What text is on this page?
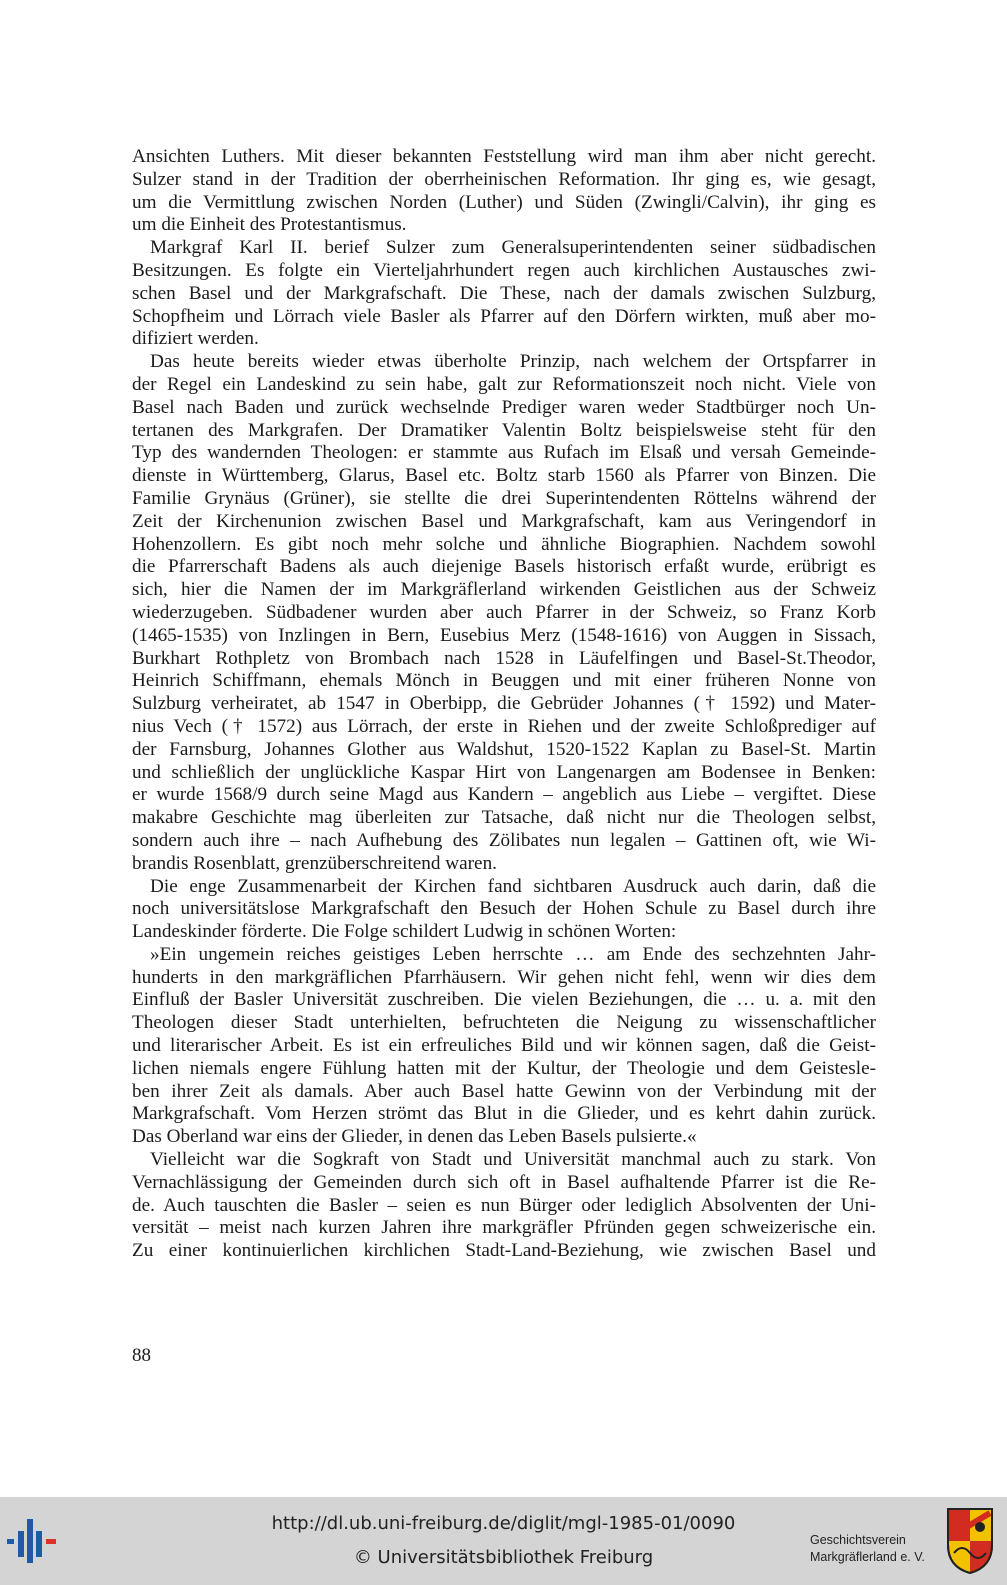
Ansichten Luthers. Mit dieser bekannten Feststellung wird man ihm aber nicht gerecht.
Sulzer stand in der Tradition der oberrheinischen Reformation. Ihr ging es, wie gesagt,
um die Vermittlung zwischen Norden (Luther) und Süden (Zwingli/Calvin), ihr ging es
um die Einheit des Protestantismus.
Markgraf Karl II. berief Sulzer zum Generalsuperintendenten seiner südbadischen
Besitzungen. Es folgte ein Vierteljahrhundert regen auch kirchlichen Austausches zwi-
schen Basel und der Markgrafschaft. Die These, nach der damals zwischen Sulzburg,
Schopfheim und Lörrach viele Basler als Pfarrer auf den Dörfern wirkten, muß aber mo-
difiziert werden.
Das heute bereits wieder etwas überholte Prinzip, nach welchem der Ortspfarrer in
der Regel ein Landeskind zu sein habe, galt zur Reformationszeit noch nicht. Viele von
Basel nach Baden und zurück wechselnde Prediger waren weder Stadtbürger noch Un-
tertanen des Markgrafen. Der Dramatiker Valentin Boltz beispielsweise steht für den
Typ des wandernden Theologen: er stammte aus Rufach im Elsaß und versah Gemeinde-
dienste in Württemberg, Glarus, Basel etc. Boltz starb 1560 als Pfarrer von Binzen. Die
Familie Grynäus (Grüner), sie stellte die drei Superintendenten Röttelns während der
Zeit der Kirchenunion zwischen Basel und Markgrafschaft, kam aus Veringendorf in
Hohenzollern. Es gibt noch mehr solche und ähnliche Biographien. Nachdem sowohl
die Pfarrerschaft Badens als auch diejenige Basels historisch erfaßt wurde, erübrigt es
sich, hier die Namen der im Markgräflerland wirkenden Geistlichen aus der Schweiz
wiederzugeben. Südbadener wurden aber auch Pfarrer in der Schweiz, so Franz Korb
(1465-1535) von Inzlingen in Bern, Eusebius Merz (1548-1616) von Auggen in Sissach,
Burkhart Rothpletz von Brombach nach 1528 in Läufelfingen und Basel-St.Theodor,
Heinrich Schiffmann, ehemals Mönch in Beuggen und mit einer früheren Nonne von
Sulzburg verheiratet, ab 1547 in Oberbipp, die Gebrüder Johannes († 1592) und Mater-
nius Vech († 1572) aus Lörrach, der erste in Riehen und der zweite Schloßprediger auf
der Farnsburg, Johannes Glother aus Waldshut, 1520-1522 Kaplan zu Basel-St. Martin
und schließlich der unglückliche Kaspar Hirt von Langenargen am Bodensee in Benken:
er wurde 1568/9 durch seine Magd aus Kandern – angeblich aus Liebe – vergiftet. Diese
makabre Geschichte mag überleiten zur Tatsache, daß nicht nur die Theologen selbst,
sondern auch ihre – nach Aufhebung des Zölibates nun legalen – Gattinen oft, wie Wi-
brandis Rosenblatt, grenzüberschreitend waren.
Die enge Zusammenarbeit der Kirchen fand sichtbaren Ausdruck auch darin, daß die
noch universitätslose Markgrafschaft den Besuch der Hohen Schule zu Basel durch ihre
Landeskinder förderte. Die Folge schildert Ludwig in schönen Worten:
»Ein ungemein reiches geistiges Leben herrschte … am Ende des sechzehnten Jahr-
hunderts in den markgräflichen Pfarrhäusern. Wir gehen nicht fehl, wenn wir dies dem
Einfluß der Basler Universität zuschreiben. Die vielen Beziehungen, die … u. a. mit den
Theologen dieser Stadt unterhielten, befruchteten die Neigung zu wissenschaftlicher
und literarischer Arbeit. Es ist ein erfreuliches Bild und wir können sagen, daß die Geist-
lichen niemals engere Fühlung hatten mit der Kultur, der Theologie und dem Geistesle-
ben ihrer Zeit als damals. Aber auch Basel hatte Gewinn von der Verbindung mit der
Markgrafschaft. Vom Herzen strömt das Blut in die Glieder, und es kehrt dahin zurück.
Das Oberland war eins der Glieder, in denen das Leben Basels pulsierte.«
Vielleicht war die Sogkraft von Stadt und Universität manchmal auch zu stark. Von
Vernachlässigung der Gemeinden durch sich oft in Basel aufhaltende Pfarrer ist die Re-
de. Auch tauschten die Basler – seien es nun Bürger oder lediglich Absolventen der Uni-
versität – meist nach kurzen Jahren ihre markgräfler Pfründen gegen schweizerische ein.
Zu einer kontinuierlichen kirchlichen Stadt-Land-Beziehung, wie zwischen Basel und
88
http://dl.ub.uni-freiburg.de/diglit/mgl-1985-01/0090
© Universitätsbibliothek Freiburg
Geschichtsverein
Markgräflerland e. V.
